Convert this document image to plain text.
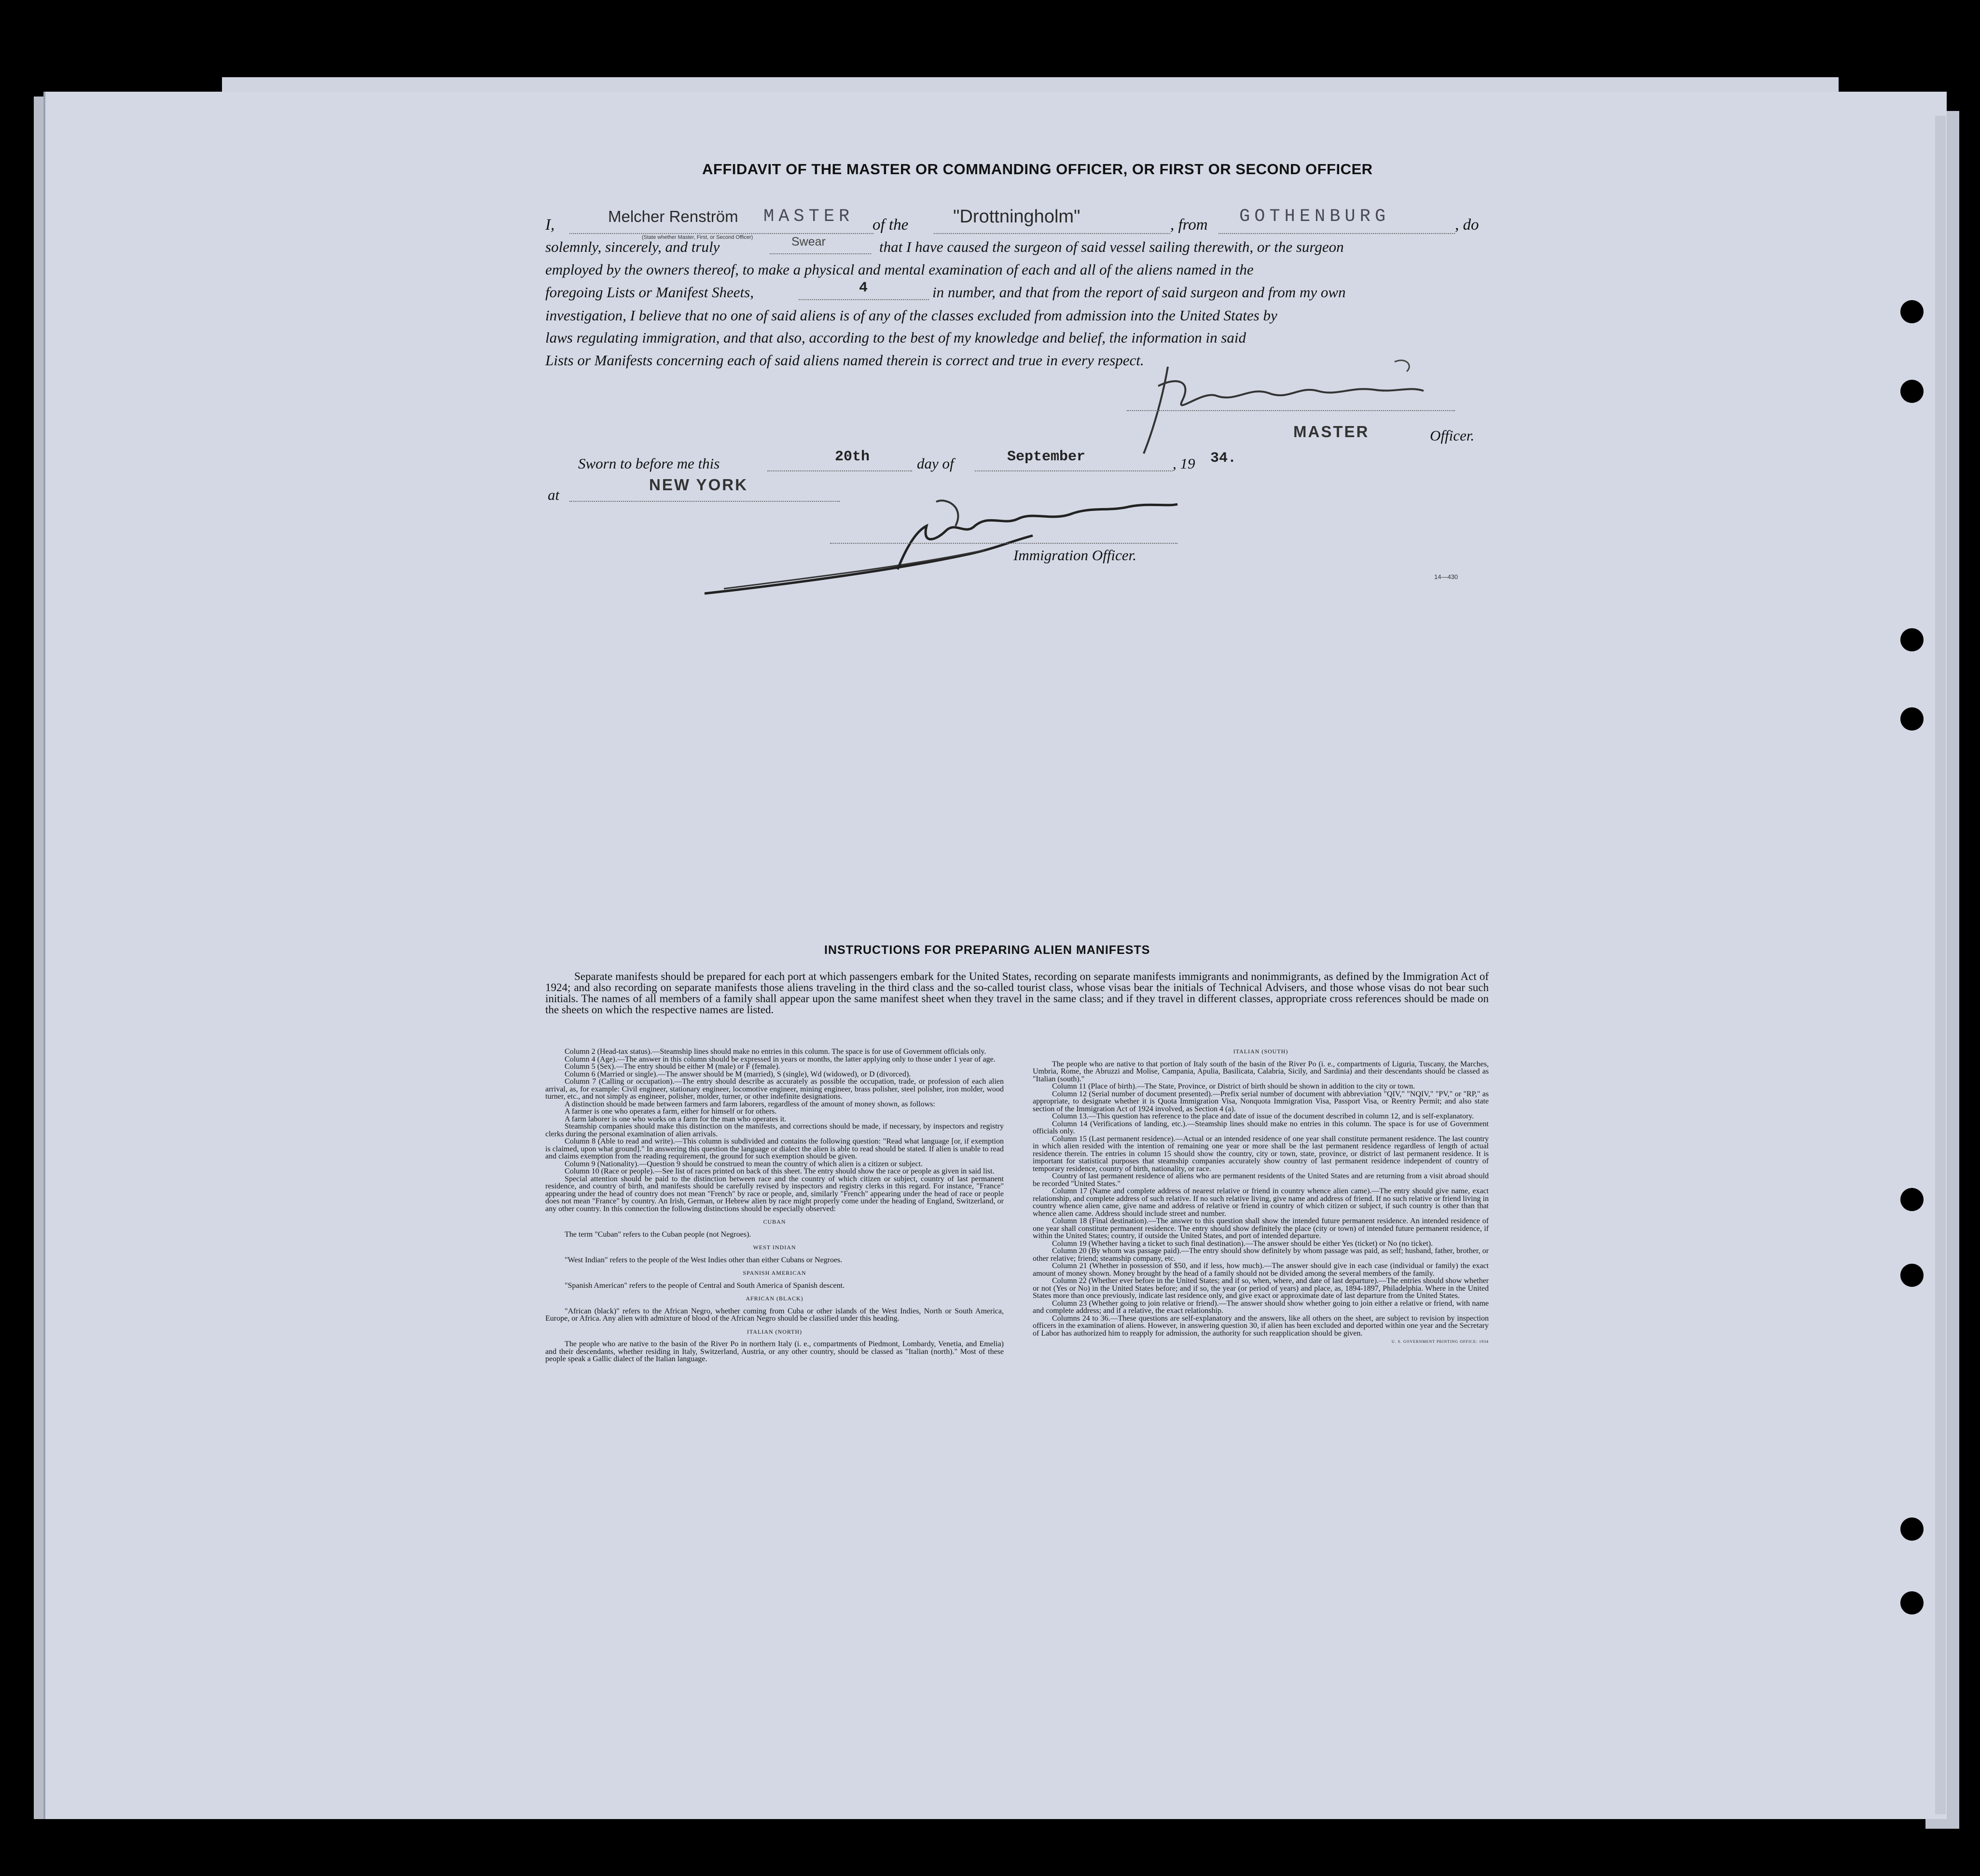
AFFIDAVIT OF THE MASTER OR COMMANDING OFFICER, OR FIRST OR SECOND OFFICER
I,	Melcher Renström MASTER
(State whether Master, First, or Second Officer)
of the "Drottningholm"	, from GOTHENBURG	, do
solemnly, sincerely, and truly	Swear	that I have caused the surgeon of said vessel sailing therewith, or the surgeon
employed by the owners thereof, to make a physical and mental examination of each and all of the aliens named in the
foregoing Lists or Manifest Sheets,	4	in number, and that from the report of said surgeon and from my own
investigation, I believe that no one of said aliens is of any of the classes excluded from admission into the United States by
laws regulating immigration, and that also, according to the best of my knowledge and belief, the information in said
Lists or Manifests concerning each of said aliens named therein is correct and true in every respect.
MASTER	Officer.
Sworn to before me this	20th	day of	September	, 19 34.
at
NEW YORK
Immigration Officer.
14—430
INSTRUCTIONS FOR PREPARING ALIEN MANIFESTS
Separate manifests should be prepared for each port at which passengers embark for the United States, recording on separate manifests immigrants and nonimmigrants, as defined by the Immigration Act of 1924; and also recording on separate manifests those aliens traveling in the third class and the so-called tourist class, whose visas bear the initials of Technical Advisers, and those whose visas do not bear such initials. The names of all members of a family shall appear upon the same manifest sheet when they travel in the same class; and if they travel in different classes, appropriate cross references should be made on the sheets on which the respective names are listed.

Column 2 (Head-tax status).—Steamship lines should make no entries in this column. The space is for use of Government officials only.

Column 4 (Age).—The answer in this column should be expressed in years or months, the latter applying only to those under 1 year of age.

Column 5 (Sex).—The entry should be either M (male) or F (female).

Column 6 (Married or single).—The answer should be M (married), S (single), Wd (widowed), or D (divorced).

Column 7 (Calling or occupation).—The entry should describe as accurately as possible the occupation, trade, or profession of each alien arrival, as, for example: Civil engineer, stationary engineer, locomotive engineer, mining engineer, brass polisher, steel polisher, iron molder, wood turner, etc., and not simply as engineer, polisher, molder, turner, or other indefinite designations.

A distinction should be made between farmers and farm laborers, regardless of the amount of money shown, as follows:

A farmer is one who operates a farm, either for himself or for others.

A farm laborer is one who works on a farm for the man who operates it.

Steamship companies should make this distinction on the manifests, and corrections should be made, if necessary, by inspectors and registry clerks during the personal examination of alien arrivals.

Column 8 (Able to read and write).—This column is subdivided and contains the following question: "Read what language [or, if exemption is claimed, upon what ground]." In answering this question the language or dialect the alien is able to read should be stated. If alien is unable to read and claims exemption from the reading requirement, the ground for such exemption should be given.

Column 9 (Nationality).—Question 9 should be construed to mean the country of which alien is a citizen or subject.

Column 10 (Race or people).—See list of races printed on back of this sheet. The entry should show the race or people as given in said list.

Special attention should be paid to the distinction between race and the country of which citizen or subject, country of last permanent residence, and country of birth, and manifests should be carefully revised by inspectors and registry clerks in this regard. For instance, "France" appearing under the head of country does not mean "French" by race or people, and, similarly "French" appearing under the head of race or people does not mean "France" by country. An Irish, German, or Hebrew alien by race might properly come under the heading of England, Switzerland, or any other country. In this connection the following distinctions should be especially observed:

CUBAN

The term "Cuban" refers to the Cuban people (not Negroes).

WEST INDIAN

"West Indian" refers to the people of the West Indies other than either Cubans or Negroes.

SPANISH AMERICAN

"Spanish American" refers to the people of Central and South America of Spanish descent.

AFRICAN (BLACK)

"African (black)" refers to the African Negro, whether coming from Cuba or other islands of the West Indies, North or South America, Europe, or Africa. Any alien with admixture of blood of the African Negro should be classified under this heading.

ITALIAN (NORTH)

The people who are native to the basin of the River Po in northern Italy (i. e., compartments of Piedmont, Lombardy, Venetia, and Emelia) and their descendants, whether residing in Italy, Switzerland, Austria, or any other country, should be classed as "Italian (north)." Most of these people speak a Gallic dialect of the Italian language.

ITALIAN (SOUTH)

The people who are native to that portion of Italy south of the basin of the River Po (i. e., compartments of Liguria, Tuscany, the Marches, Umbria, Rome, the Abruzzi and Molise, Campania, Apulia, Basilicata, Calabria, Sicily, and Sardinia) and their descendants should be classed as "Italian (south)."

Column 11 (Place of birth).—The State, Province, or District of birth should be shown in addition to the city or town.

Column 12 (Serial number of document presented).—Prefix serial number of document with abbreviation "QIV," "NQIV," "PV," or "RP," as appropriate, to designate whether it is Quota Immigration Visa, Nonquota Immigration Visa, Passport Visa, or Reentry Permit; and also state section of the Immigration Act of 1924 involved, as Section 4 (a).

Column 13.—This question has reference to the place and date of issue of the document described in column 12, and is self-explanatory.

Column 14 (Verifications of landing, etc.).—Steamship lines should make no entries in this column. The space is for use of Government officials only.

Column 15 (Last permanent residence).—Actual or an intended residence of one year shall constitute permanent residence. The last country in which alien resided with the intention of remaining one year or more shall be the last permanent residence regardless of length of actual residence therein. The entries in column 15 should show the country, city or town, state, province, or district of last permanent residence. It is important for statistical purposes that steamship companies accurately show country of last permanent residence independent of country of temporary residence, country of birth, nationality, or race.

Country of last permanent residence of aliens who are permanent residents of the United States and are returning from a visit abroad should be recorded "United States."

Column 17 (Name and complete address of nearest relative or friend in country whence alien came).—The entry should give name, exact relationship, and complete address of such relative. If no such relative living, give name and address of friend. If no such relative or friend living in country whence alien came, give name and address of relative or friend in country of which citizen or subject, if such country is other than that whence alien came. Address should include street and number.

Column 18 (Final destination).—The answer to this question shall show the intended future permanent residence. An intended residence of one year shall constitute permanent residence. The entry should show definitely the place (city or town) of intended future permanent residence, if within the United States; country, if outside the United States, and port of intended departure.

Column 19 (Whether having a ticket to such final destination).—The answer should be either Yes (ticket) or No (no ticket).

Column 20 (By whom was passage paid).—The entry should show definitely by whom passage was paid, as self; husband, father, brother, or other relative; friend; steamship company, etc.

Column 21 (Whether in possession of $50, and if less, how much).—The answer should give in each case (individual or family) the exact amount of money shown. Money brought by the head of a family should not be divided among the several members of the family.

Column 22 (Whether ever before in the United States; and if so, when, where, and date of last departure).—The entries should show whether or not (Yes or No) in the United States before; and if so, the year (or period of years) and place, as, 1894-1897, Philadelphia. Where in the United States more than once previously, indicate last residence only, and give exact or approximate date of last departure from the United States.

Column 23 (Whether going to join relative or friend).—The answer should show whether going to join either a relative or friend, with name and complete address; and if a relative, the exact relationship.

Columns 24 to 36.—These questions are self-explanatory and the answers, like all others on the sheet, are subject to revision by inspection officers in the examination of aliens. However, in answering question 30, if alien has been excluded and deported within one year and the Secretary of Labor has authorized him to reapply for admission, the authority for such reapplication should be given.

U. S. GOVERNMENT PRINTING OFFICE: 1934
